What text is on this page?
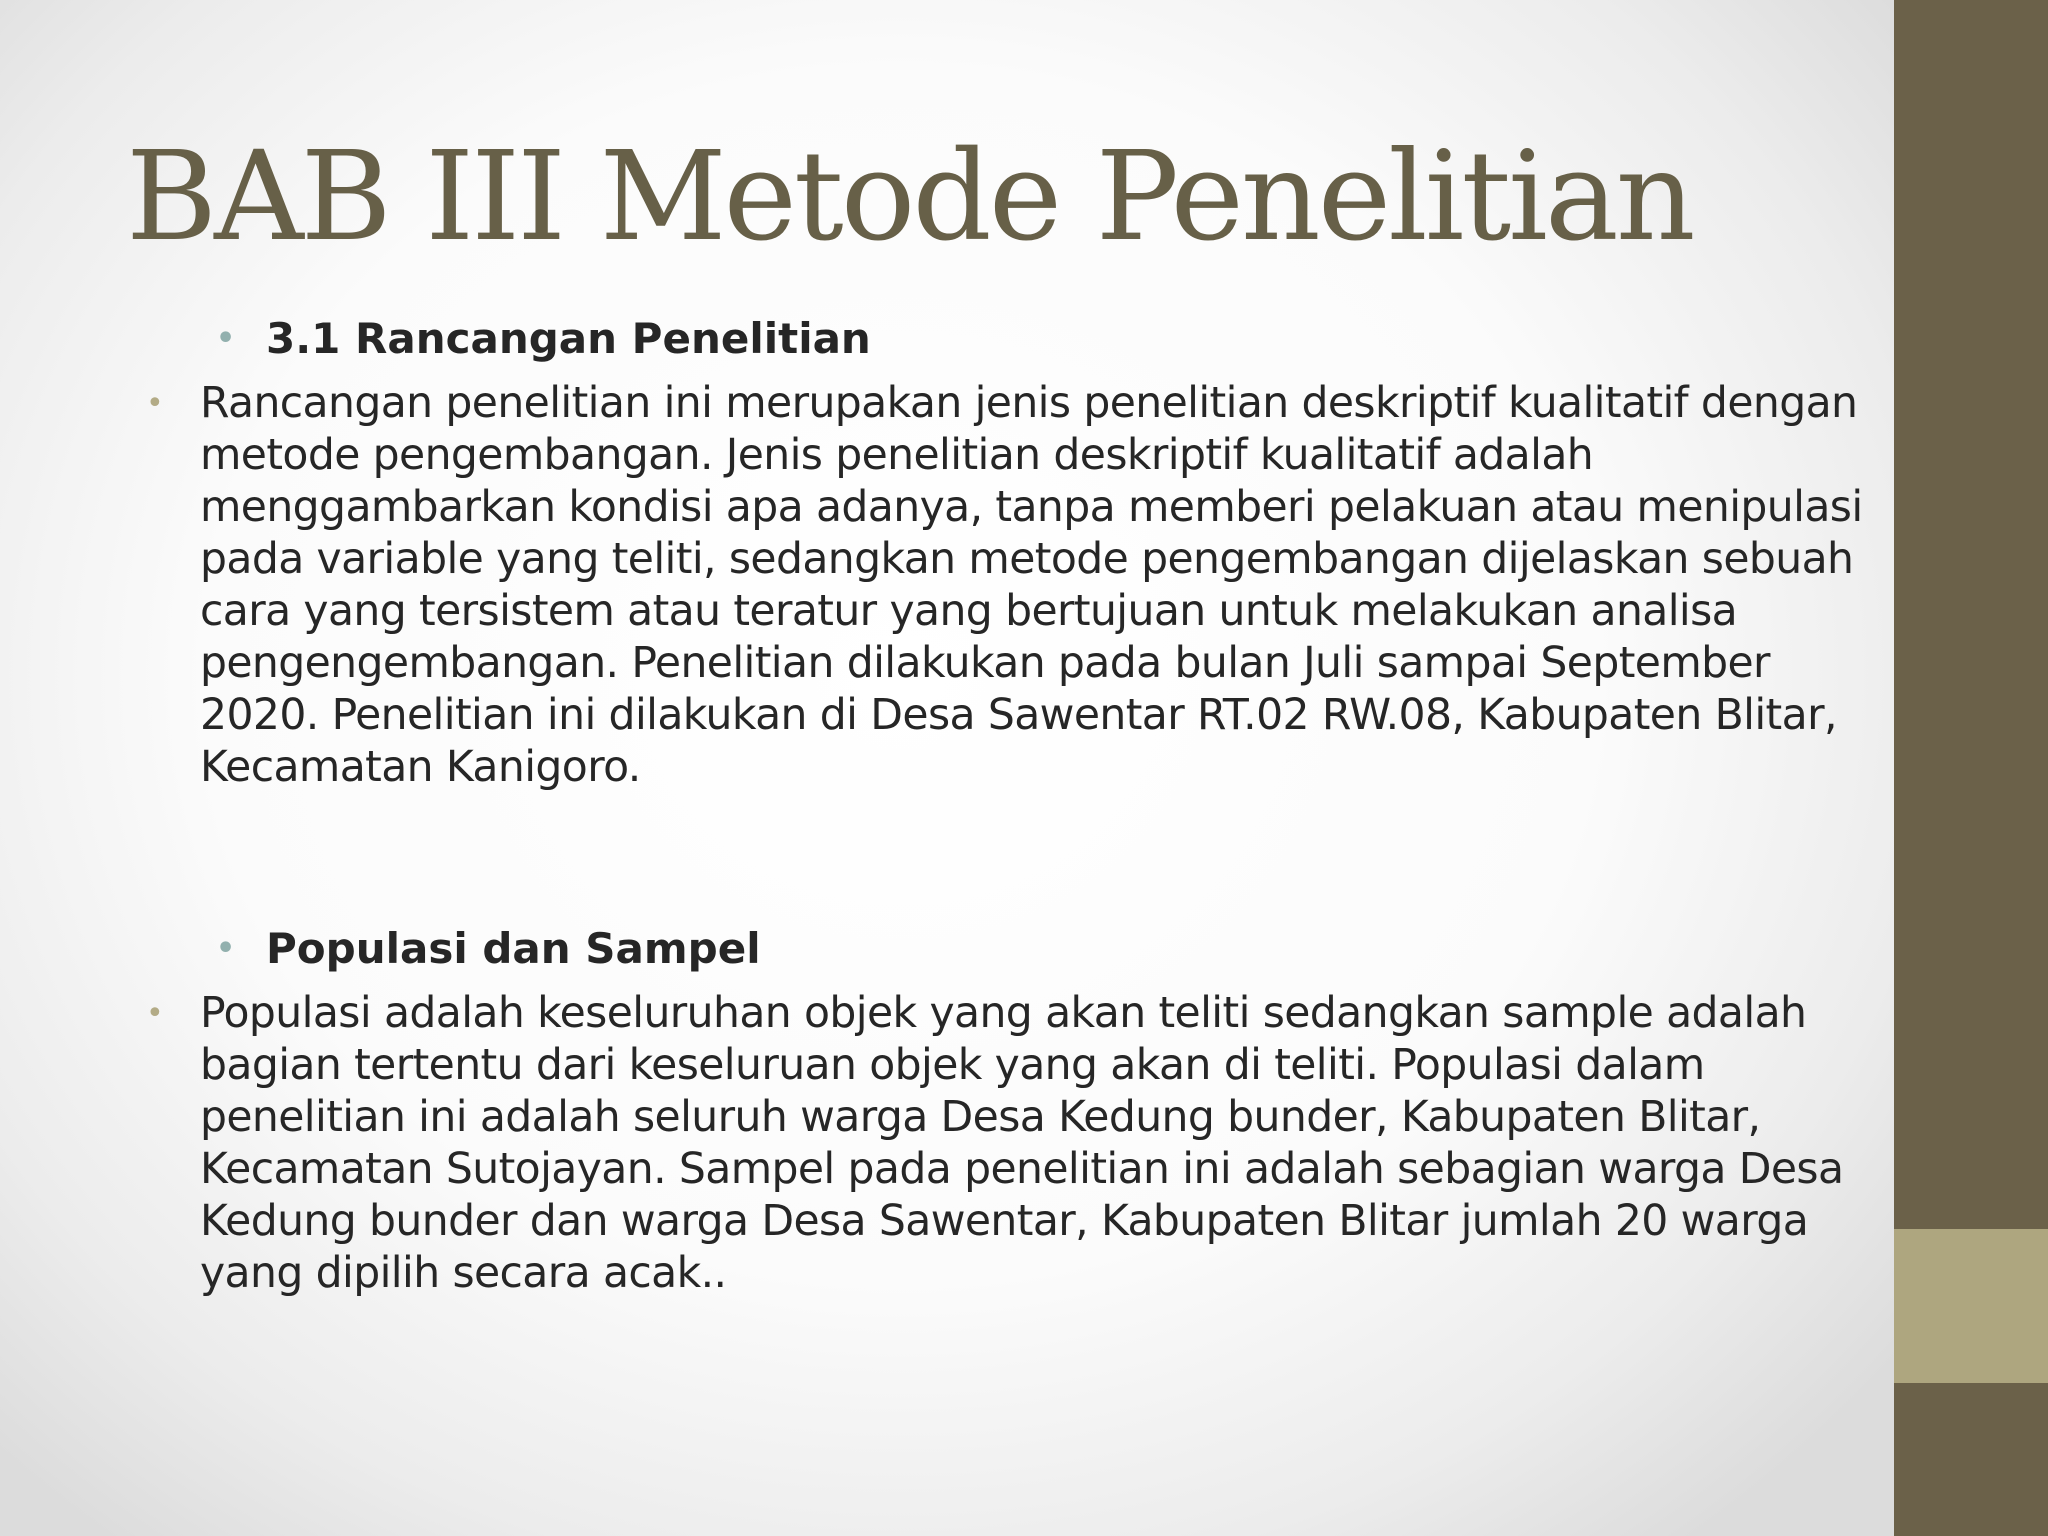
BAB III Metode Penelitian
• 3.1 Rancangan Penelitian
• Rancangan penelitian ini merupakan jenis penelitian deskriptif kualitatif dengan metode pengembangan. Jenis penelitian deskriptif kualitatif adalah menggambarkan kondisi apa adanya, tanpa memberi pelakuan atau menipulasi pada variable yang teliti, sedangkan metode pengembangan dijelaskan sebuah cara yang tersistem atau teratur yang bertujuan untuk melakukan analisa pengengembangan. Penelitian dilakukan pada bulan Juli sampai September 2020. Penelitian ini dilakukan di Desa Sawentar RT.02 RW.08, Kabupaten Blitar, Kecamatan Kanigoro.
• Populasi dan Sampel
• Populasi adalah keseluruhan objek yang akan teliti sedangkan sample adalah bagian tertentu dari keseluruan objek yang akan di teliti. Populasi dalam penelitian ini adalah seluruh warga Desa Kedung bunder, Kabupaten Blitar, Kecamatan Sutojayan. Sampel pada penelitian ini adalah sebagian warga Desa Kedung bunder dan warga Desa Sawentar, Kabupaten Blitar jumlah 20 warga yang dipilih secara acak..
